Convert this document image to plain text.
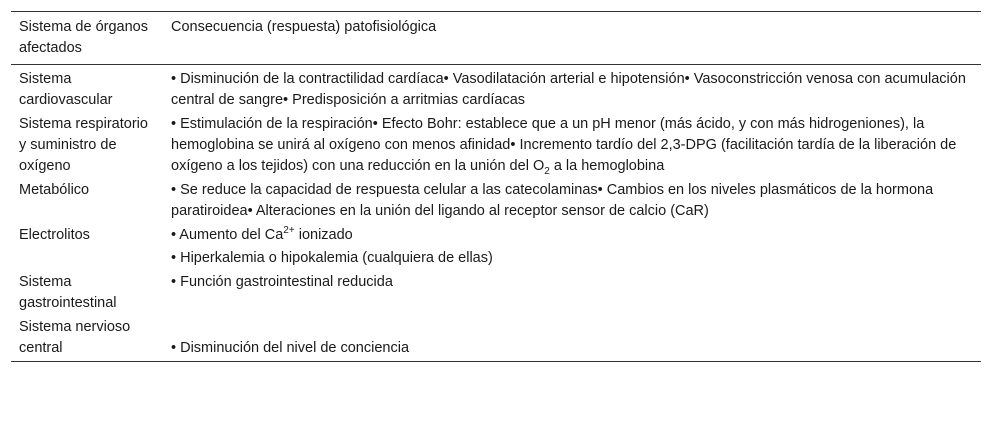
Sistema de órganos afectados	Consecuencia (respuesta) patofisiológica
Sistema cardiovascular	• Disminución de la contractilidad cardíaca• Vasodilatación arterial e hipotensión• Vasoconstricción venosa con acumulación central de sangre• Predisposición a arritmias cardíacas
Sistema respiratorio y suministro de oxígeno	• Estimulación de la respiración• Efecto Bohr: establece que a un pH menor (más ácido, y con más hidrogeniones), la hemoglobina se unirá al oxígeno con menos afinidad• Incremento tardío del 2,3-DPG (facilitación tardía de la liberación de oxígeno a los tejidos) con una reducción en la unión del $O_2$ a la hemoglobina
Metabólico	• Se reduce la capacidad de respuesta celular a las catecolaminas• Cambios en los niveles plasmáticos de la hormona paratiroidea• Alteraciones en la unión del ligando al receptor sensor de calcio (CaR)
Electrolitos	• Aumento del $Ca^{2+}$ ionizado
• Hiperkalemia o hipokalemia (cualquiera de ellas)

Sistema gastrointestinal	• Función gastrointestinal reducida
Sistema nervioso central	• Disminución del nivel de conciencia
